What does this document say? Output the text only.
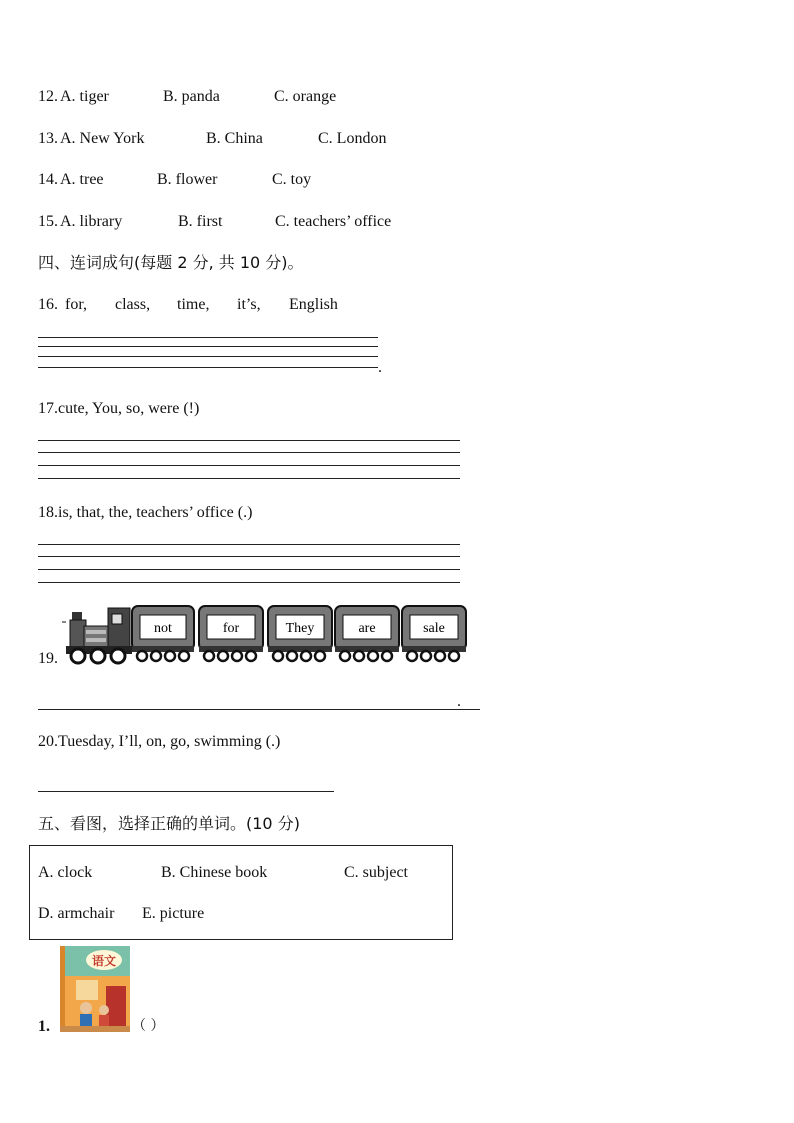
12. A. tiger	B. panda	C. orange
13. A. New York	B. China	C. London
14. A. tree	B. flower	C. toy
15. A. library	B. first	C. teachers’ office
四、连词成句(每题 2 分, 共 10 分)。
16. for, class, time, it’s, English
.
17.cute, You, so, were (!)
18.is, that, the, teachers’ office (.)
19.
not	for	They	are	sale
.
20.Tuesday, I’ll, on, go, swimming (.)
五、看图，选择正确的单词。(10 分)
A. clock	B. Chinese book	C. subject
D. armchair E. picture
1.
语文
（ ）
